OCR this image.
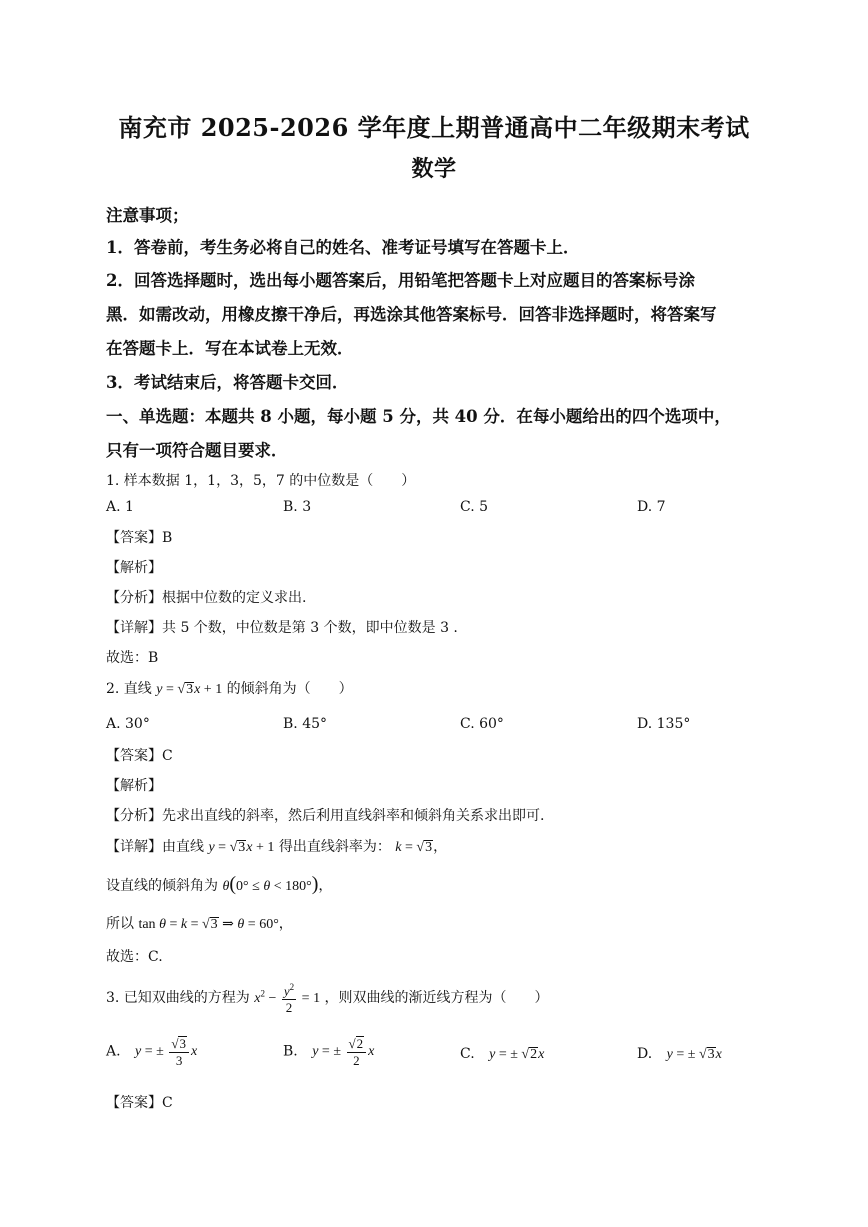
南充市 2025-2026 学年度上期普通高中二年级期末考试
数学
注意事项；
1．答卷前，考生务必将自己的姓名、准考证号填写在答题卡上．
2．回答选择题时，选出每小题答案后，用铅笔把答题卡上对应题目的答案标号涂
黑．如需改动，用橡皮擦干净后，再选涂其他答案标号．回答非选择题时，将答案写
在答题卡上．写在本试卷上无效．
3．考试结束后，将答题卡交回．
一、单选题：本题共 8 小题，每小题 5 分，共 40 分．在每小题给出的四个选项中，
只有一项符合题目要求．
1. 样本数据 1，1，3，5，7 的中位数是（　　）
A. 1	B. 3	C. 5	D. 7
【答案】B
【解析】
【分析】根据中位数的定义求出.
【详解】共 5 个数，中位数是第 3 个数，即中位数是 3 .
故选：B
2. 直线 y = √3x + 1 的倾斜角为（　　）
A. 30°	B. 45°	C. 60°	D. 135°
【答案】C
【解析】
【分析】先求出直线的斜率，然后利用直线斜率和倾斜角关系求出即可.
【详解】由直线 y = √3x + 1 得出直线斜率为： k = √3，
设直线的倾斜角为 θ(0° ≤ θ < 180°)，
所以 tan θ = k = √3 ⇒ θ = 60°，
故选：C.
3. 已知双曲线的方程为 $x^2 - \frac{y^2}{2} = 1$ ，则双曲线的渐近线方程为（　　）
A. y = ± $\frac{√3}{3}$ x	B. y = ± $\frac{√2}{2}$ x	C. y = ± √2x	D. y = ± √3x
【答案】C
